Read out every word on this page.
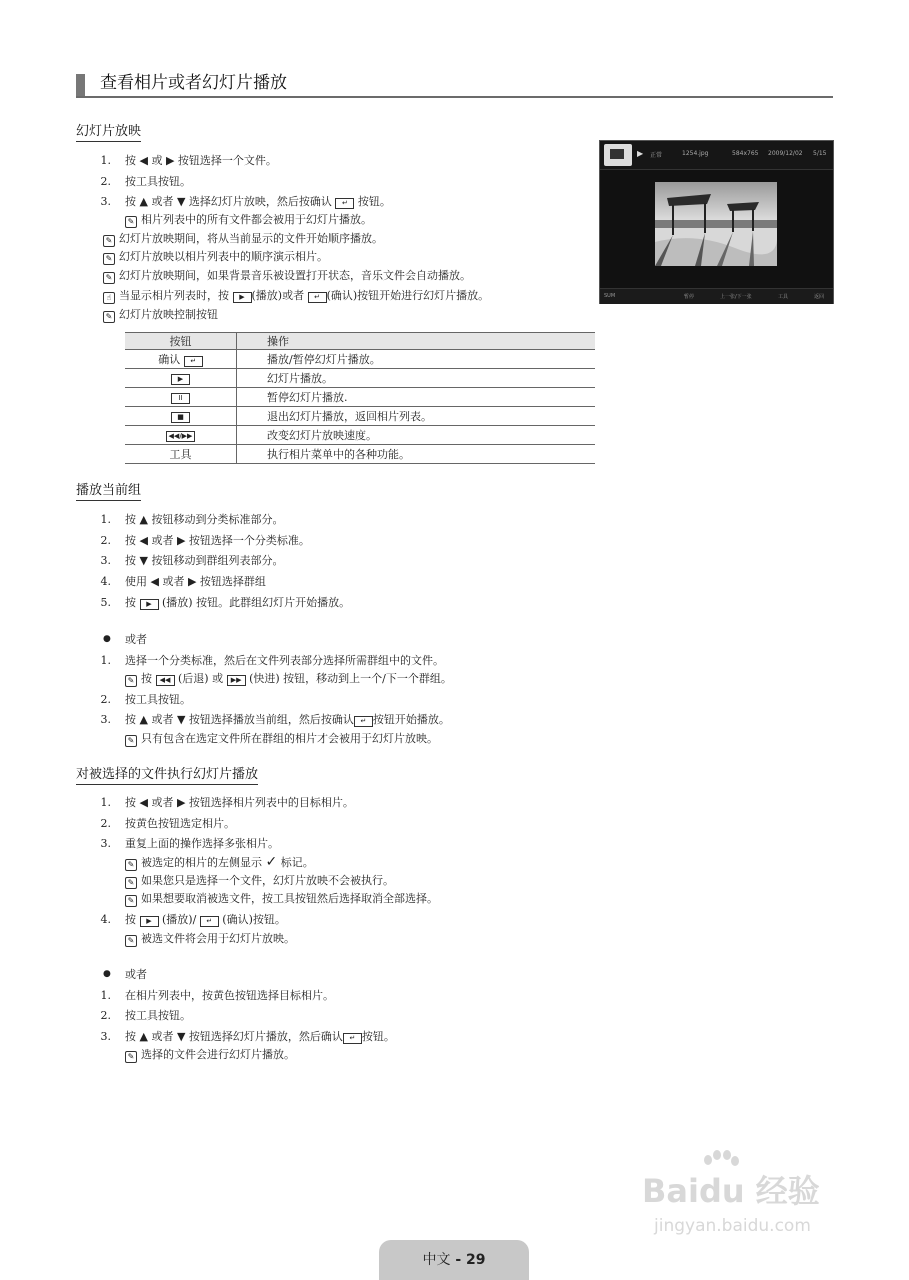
查看相片或者幻灯片播放
幻灯片放映
1. 按 ◀ 或 ▶ 按钮选择一个文件。
2. 按工具按钮。
3. 按 ▲ 或者 ▼ 选择幻灯片放映，然后按确认 ↵ 按钮。
✎ 相片列表中的所有文件都会被用于幻灯片播放。
✎ 幻灯片放映期间，将从当前显示的文件开始顺序播放。
✎ 幻灯片放映以相片列表中的顺序演示相片。
✎ 幻灯片放映期间，如果背景音乐被设置打开状态，音乐文件会自动播放。
☝ 当显示相片列表时，按 ▶ (播放)或者 ↵ (确认)按钮开始进行幻灯片播放。
✎ 幻灯片放映控制按钮
按钮	操作
确认 ↵	播放/暂停幻灯片播放。
▶	幻灯片播放。
II	暂停幻灯片播放.
■	退出幻灯片播放，返回相片列表。
◀◀/▶▶	改变幻灯片放映速度。
工具	执行相片菜单中的各种功能。
▶ 正常	1254.jpg	584x765 2009/12/02 5/15
SUM	暂停	上一张/下一张	工具	返回
播放当前组
1. 按 ▲ 按钮移动到分类标准部分。
2. 按 ◀ 或者 ▶ 按钮选择一个分类标准。
3. 按 ▼ 按钮移动到群组列表部分。
4. 使用 ◀ 或者 ▶ 按钮选择群组
5. 按 ▶ (播放) 按钮。此群组幻灯片开始播放。
● 或者
1. 选择一个分类标准，然后在文件列表部分选择所需群组中的文件。
✎ 按 ◀◀ (后退) 或 ▶▶ (快进) 按钮，移动到上一个/下一个群组。
2. 按工具按钮。
3. 按 ▲ 或者 ▼ 按钮选择播放当前组，然后按确认 ↵ 按钮开始播放。
✎ 只有包含在选定文件所在群组的相片才会被用于幻灯片放映。
对被选择的文件执行幻灯片播放
1. 按 ◀ 或者 ▶ 按钮选择相片列表中的目标相片。
2. 按黄色按钮选定相片。
3. 重复上面的操作选择多张相片。
✎ 被选定的相片的左侧显示 ✓ 标记。
✎ 如果您只是选择一个文件，幻灯片放映不会被执行。
✎ 如果想要取消被选文件，按工具按钮然后选择取消全部选择。
4. 按 ▶ (播放)/ ↵ (确认)按钮。
✎ 被选文件将会用于幻灯片放映。
● 或者
1. 在相片列表中，按黄色按钮选择目标相片。
2. 按工具按钮。
3. 按 ▲ 或者 ▼ 按钮选择幻灯片播放，然后确认 ↵ 按钮。
✎ 选择的文件会进行幻灯片播放。
Baidu 经验
jingyan.baidu.com
中文 - 29
